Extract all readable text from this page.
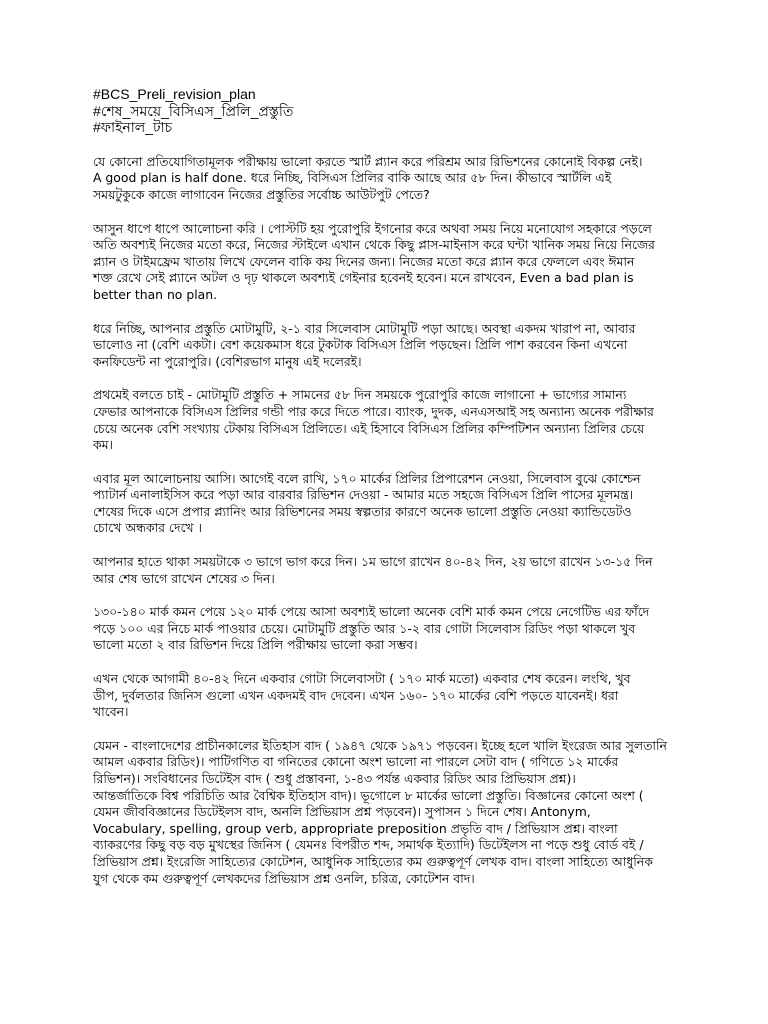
#BCS_Preli_revision_plan

#শেষ_সময়ে_বিসিএস_প্রিলি_প্রস্তুতি

#ফাইনাল_টাচ

যে কোনো প্রতিযোগিতামূলক পরীক্ষায় ভালো করতে স্মার্ট প্ল্যান করে পরিশ্রম আর রিভিশনের কোনোই বিকল্প নেই।
A good plan is half done. ধরে নিচ্ছি, বিসিএস প্রিলির বাকি আছে আর ৫৮ দিন। কীভাবে স্মার্টলি এই
সময়টুকুকে কাজে লাগাবেন নিজের প্রস্তুতির সর্বোচ্চ আউটপুট পেতে?

আসুন ধাপে ধাপে আলোচনা করি । পোস্টটি হয় পুরোপুরি ইগনোর করে অথবা সময় নিয়ে মনোযোগ সহকারে পড়লে
অতি অবশ্যই নিজের মতো করে, নিজের স্টাইলে এখান থেকে কিছু প্লাস-মাইনাস করে ঘন্টা খানিক সময় নিয়ে নিজের
প্ল্যান ও টাইমফ্রেম খাতায় লিখে ফেলেন বাকি কয় দিনের জন্য। নিজের মতো করে প্ল্যান করে ফেললে এবং ঈমান
শক্ত রেখে সেই প্ল্যানে অটল ও দৃঢ় থাকলে অবশ্যই গেইনার হবেনই হবেন। মনে রাখবেন, Even a bad plan is
better than no plan.

ধরে নিচ্ছি, আপনার প্রস্তুতি মোটামুটি, ২-১ বার সিলেবাস মোটামুটি পড়া আছে। অবস্থা একদম খারাপ না, আবার
ভালোও না (বেশি একটা। বেশ কয়েকমাস ধরে টুকটাক বিসিএস প্রিলি পড়ছেন। প্রিলি পাশ করবেন কিনা এখনো
কনফিডেন্ট না পুরোপুরি। (বেশিরভাগ মানুষ এই দলেরই।

প্রথমেই বলতে চাই - মোটামুটি প্রস্তুতি + সামনের ৫৮ দিন সময়কে পুরোপুরি কাজে লাগানো + ভাগ্যের সামান্য
ফেভার আপনাকে বিসিএস প্রিলির গন্ডী পার করে দিতে পারে। ব্যাংক, দুদক, এনএসআই সহ অন্যান্য অনেক পরীক্ষার
চেয়ে অনেক বেশি সংখ্যায় টেকায় বিসিএস প্রিলিতে। এই হিসাবে বিসিএস প্রিলির কম্পিটিশন অন্যান্য প্রিলির চেয়ে
কম।

এবার মূল আলোচনায় আসি। আগেই বলে রাখি, ১৭০ মার্কের প্রিলির প্রিপারেশন নেওয়া, সিলেবাস বুঝে কোশ্চেন
প্যাটার্ন এনালাইসিস করে পড়া আর বারবার রিভিশন দেওয়া - আমার মতে সহজে বিসিএস প্রিলি পাসের মূলমন্ত্র।
শেষের দিকে এসে প্রপার প্ল্যানিং আর রিভিশনের সময় স্বল্পতার কারণে অনেক ভালো প্রস্তুতি নেওয়া ক্যান্ডিডেটও
চোখে অন্ধকার দেখে ।

আপনার হাতে থাকা সময়টাকে ৩ ভাগে ভাগ করে দিন। ১ম ভাগে রাখেন ৪০-৪২ দিন, ২য় ভাগে রাখেন ১৩-১৫ দিন
আর শেষ ভাগে রাখেন শেষের ৩ দিন।

১৩০-১৪০ মার্ক কমন পেয়ে ১২০ মার্ক পেয়ে আসা অবশ্যই ভালো অনেক বেশি মার্ক কমন পেয়ে নেগেটিভ এর ফাঁদে
পড়ে ১০০ এর নিচে মার্ক পাওয়ার চেয়ে। মোটামুটি প্রস্তুতি আর ১-২ বার গোটা সিলেবাস রিডিং পড়া থাকলে খুব
ভালো মতো ২ বার রিভিশন দিয়ে প্রিলি পরীক্ষায় ভালো করা সম্ভব।

এখন থেকে আগামী ৪০-৪২ দিনে একবার গোটা সিলেবাসটা ( ১৭০ মার্ক মতো) একবার শেষ করেন। লংথি, খুব
ডীপ, দুর্বলতার জিনিস গুলো এখন একদমই বাদ দেবেন। এখন ১৬০- ১৭০ মার্কের বেশি পড়তে যাবেনই। ধরা
খাবেন।

যেমন - বাংলাদেশের প্রাচীনকালের ইতিহাস বাদ ( ১৯৪৭ থেকে ১৯৭১ পড়বেন। ইচ্ছে হলে খালি ইংরেজ আর সুলতানি
আমল একবার রিডিং)। পাটিগণিত বা গনিতের কোনো অংশ ভালো না পারলে সেটা বাদ ( গণিতে ১২ মার্কের
রিভিশন)। সংবিধানের ডিটেইস বাদ ( শুধু প্রস্তাবনা, ১-৪৩ পর্যন্ত একবার রিডিং আর প্রিভিয়াস প্রশ্ন)।
আন্তর্জাতিকে বিশ্ব পরিচিতি আর বৈশ্বিক ইতিহাস বাদ)। ভূগোলে ৮ মার্কের ভালো প্রস্তুতি। বিজ্ঞানের কোনো অংশ (
যেমন জীববিজ্ঞানের ডিটেইলস বাদ, অনলি প্রিভিয়াস প্রশ্ন পড়বেন)। সুপাসন ১ দিনে শেষ। Antonym,
Vocabulary, spelling, group verb, appropriate preposition প্রভৃতি বাদ / প্রিভিয়াস প্রশ্ন। বাংলা
ব্যাকরণের কিছু বড় বড় মুখস্থের জিনিস ( যেমনঃ বিপরীত শব্দ, সমার্থক ইত্যাদি) ডিটেইলস না পড়ে শুধু বোর্ড বই /
প্রিভিয়াস প্রশ্ন। ইংরেজি সাহিত্যের কোটেশন, আধুনিক সাহিত্যের কম গুরুত্বপূর্ণ লেখক বাদ। বাংলা সাহিত্যে আধুনিক
যুগ থেকে কম গুরুত্বপূর্ণ লেখকদের প্রিভিয়াস প্রশ্ন ওনলি, চরিত্র, কোটেশন বাদ।
